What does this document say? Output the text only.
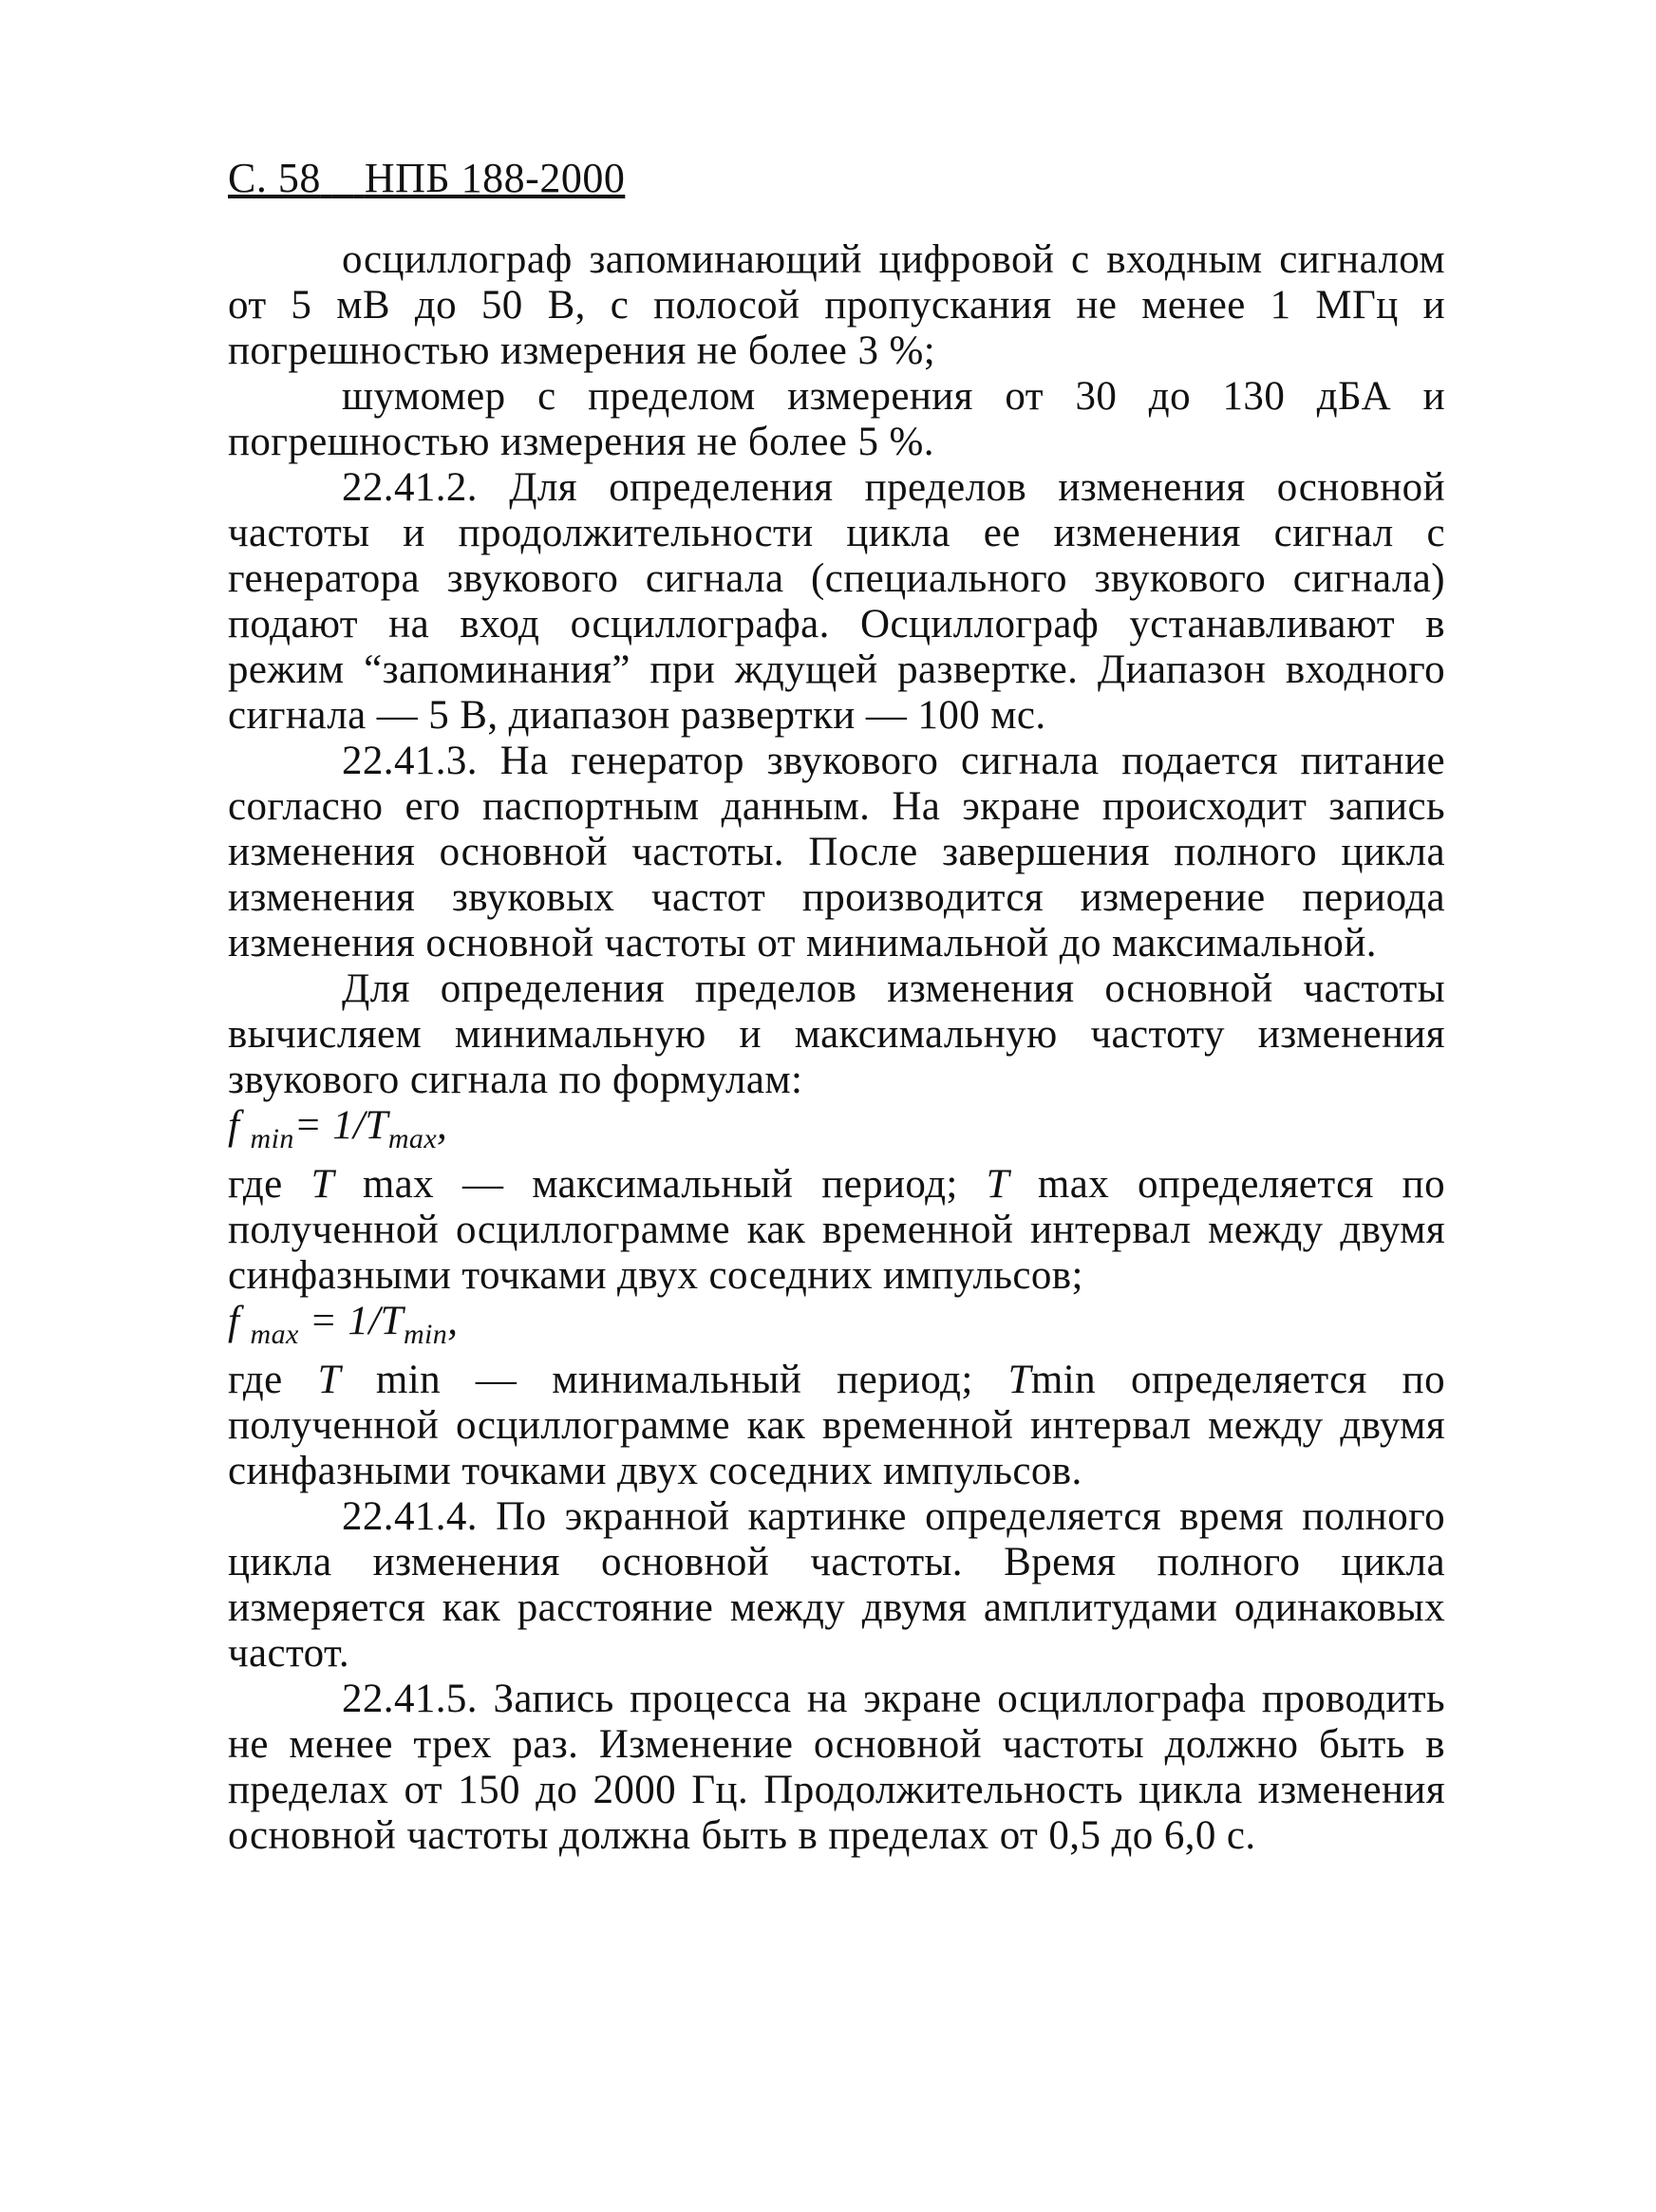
С. 58 НПБ 188-2000

осциллограф запоминающий цифровой с входным сигналом от 5 мВ до 50 В, с полосой пропускания не менее 1 МГц и погрешностью измерения не более 3 %;

шумомер с пределом измерения от 30 до 130 дБА и погрешностью измерения не более 5 %.

22.41.2. Для определения пределов изменения основной частоты и продолжительности цикла ее изменения сигнал с генератора звукового сигнала (специального звукового сигнала) подают на вход осциллографа. Осциллограф устанавливают в режим “запоминания” при ждущей развертке. Диапазон входного сигнала — 5 В, диапазон развертки — 100 мс.

22.41.3. На генератор звукового сигнала подается питание согласно его паспортным данным. На экране происходит запись изменения основной частоты. После завершения полного цикла изменения звуковых частот производится измерение периода изменения основной частоты от минимальной до максимальной.

Для определения пределов изменения основной частоты вычисляем минимальную и максимальную частоту изменения звукового сигнала по формулам:

f $_{min}= 1/T_{max}$,

где T max — максимальный период; T max определяется по полученной осциллограмме как временной интервал между двумя синфазными точками двух соседних импульсов;

f $_{max} = 1/T_{min}$,

где T min — минимальный период; Tmin определяется по полученной осциллограмме как временной интервал между двумя синфазными точками двух соседних импульсов.

22.41.4. По экранной картинке определяется время полного цикла изменения основной частоты. Время полного цикла измеряется как расстояние между двумя амплитудами одинаковых частот.

22.41.5. Запись процесса на экране осциллографа проводить не менее трех раз. Изменение основной частоты должно быть в пределах от 150 до 2000 Гц. Продолжительность цикла изменения основной частоты должна быть в пределах от 0,5 до 6,0 с.
